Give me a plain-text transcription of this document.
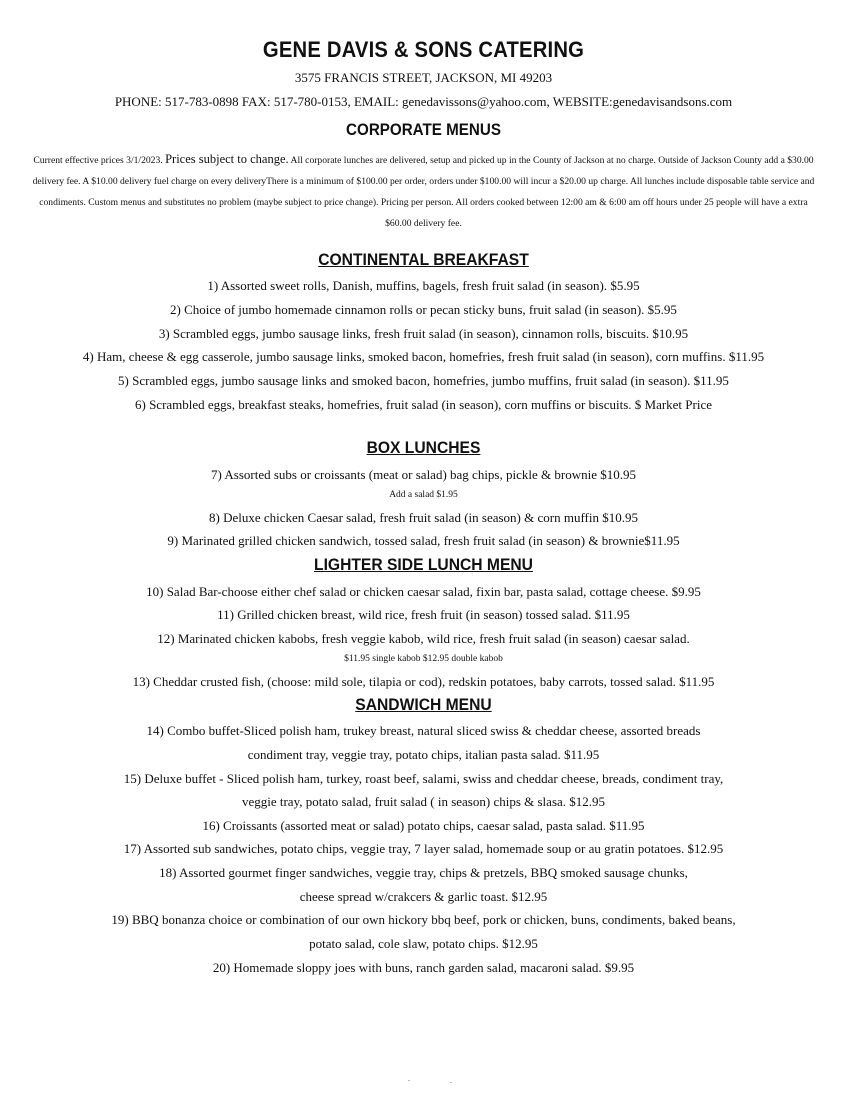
GENE DAVIS & SONS CATERING
3575 FRANCIS STREET, JACKSON, MI 49203
PHONE: 517-783-0898 FAX: 517-780-0153, EMAIL: genedavissons@yahoo.com, WEBSITE:genedavisandsons.com
CORPORATE MENUS
Current effective prices 3/1/2023. Prices subject to change. All corporate lunches are delivered, setup and picked up in the County of Jackson at no charge. Outside of Jackson County add a $30.00 delivery fee. A $10.00 delivery fuel charge on every deliveryThere is a minimum of $100.00 per order, orders under $100.00 will incur a $20.00 up charge. All lunches include disposable table service and condiments. Custom menus and substitutes no problem (maybe subject to price change). Pricing per person. All orders cooked between 12:00 am & 6:00 am off hours under 25 people will have a extra $60.00 delivery fee.
CONTINENTAL BREAKFAST
1) Assorted sweet rolls, Danish, muffins, bagels, fresh fruit salad (in season). $5.95
2) Choice of jumbo homemade cinnamon rolls or pecan sticky buns, fruit salad (in season). $5.95
3) Scrambled eggs, jumbo sausage links, fresh fruit salad (in season), cinnamon rolls, biscuits. $10.95
4) Ham, cheese & egg casserole, jumbo sausage links, smoked bacon, homefries, fresh fruit salad (in season), corn muffins. $11.95
5) Scrambled eggs, jumbo sausage links and smoked bacon, homefries, jumbo muffins, fruit salad (in season). $11.95
6) Scrambled eggs, breakfast steaks, homefries, fruit salad (in season), corn muffins or biscuits. $ Market Price
BOX LUNCHES
7) Assorted subs or croissants (meat or salad) bag chips, pickle & brownie $10.95
Add a salad $1.95
8) Deluxe chicken Caesar salad, fresh fruit salad (in season) & corn muffin $10.95
9) Marinated grilled chicken sandwich, tossed salad, fresh fruit salad (in season) & brownie$11.95
LIGHTER SIDE LUNCH MENU
10) Salad Bar-choose either chef salad or chicken caesar salad, fixin bar, pasta salad, cottage cheese. $9.95
11) Grilled chicken breast, wild rice, fresh fruit (in season) tossed salad. $11.95
12) Marinated chicken kabobs, fresh veggie kabob, wild rice, fresh fruit salad (in season) caesar salad.
$11.95 single kabob $12.95 double kabob
13) Cheddar crusted fish, (choose: mild sole, tilapia or cod), redskin potatoes, baby carrots, tossed salad. $11.95
SANDWICH MENU
14) Combo buffet-Sliced polish ham, trukey breast, natural sliced swiss & cheddar cheese, assorted breads
condiment tray, veggie tray, potato chips, italian pasta salad. $11.95
15) Deluxe buffet - Sliced polish ham, turkey, roast beef, salami, swiss and cheddar cheese, breads, condiment tray,
veggie tray, potato salad, fruit salad ( in season) chips & slasa. $12.95
16) Croissants (assorted meat or salad) potato chips, caesar salad, pasta salad. $11.95
17) Assorted sub sandwiches, potato chips, veggie tray, 7 layer salad, homemade soup or au gratin potatoes. $12.95
18) Assorted gourmet finger sandwiches, veggie tray, chips & pretzels, BBQ smoked sausage chunks,
cheese spread w/crakcers & garlic toast. $12.95
19) BBQ bonanza choice or combination of our own hickory bbq beef, pork or chicken, buns, condiments, baked beans,
potato salad, cole slaw, potato chips. $12.95
20) Homemade sloppy joes with buns, ranch garden salad, macaroni salad. $9.95
